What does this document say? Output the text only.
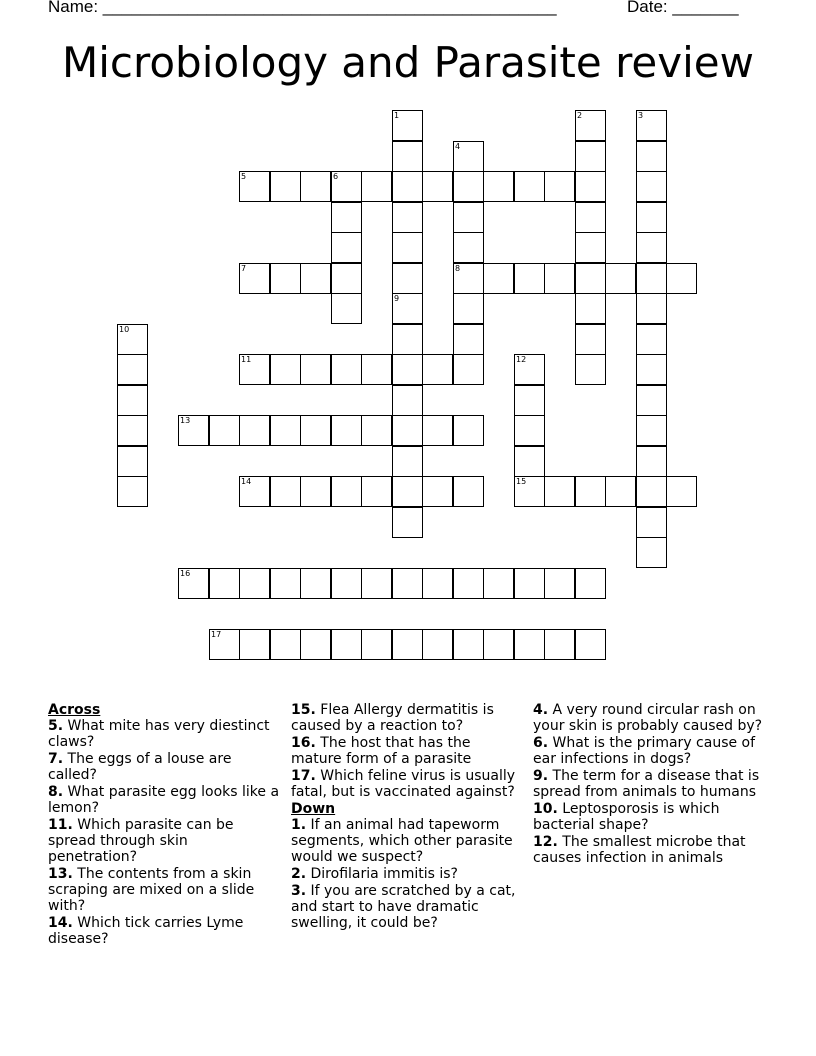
Name: ________________________________________________	Date: _______
Microbiology and Parasite review
5	6
7	8
11
13
14	15
16
17
1	2	3
4
9
10
12
Across
5. What mite has very diestinct claws?
7. The eggs of a louse are called?
8. What parasite egg looks like a lemon?
11. Which parasite can be spread through skin penetration?
13. The contents from a skin scraping are mixed on a slide with?
14. Which tick carries Lyme disease?
15. Flea Allergy dermatitis is caused by a reaction to?
16. The host that has the mature form of a parasite
17. Which feline virus is usually fatal, but is vaccinated against?
Down
1. If an animal had tapeworm segments, which other parasite would we suspect?
2. Dirofilaria immitis is?
3. If you are scratched by a cat, and start to have dramatic swelling, it could be?
4. A very round circular rash on your skin is probably caused by?
6. What is the primary cause of ear infections in dogs?
9. The term for a disease that is spread from animals to humans
10. Leptosporosis is which bacterial shape?
12. The smallest microbe that causes infection in animals
